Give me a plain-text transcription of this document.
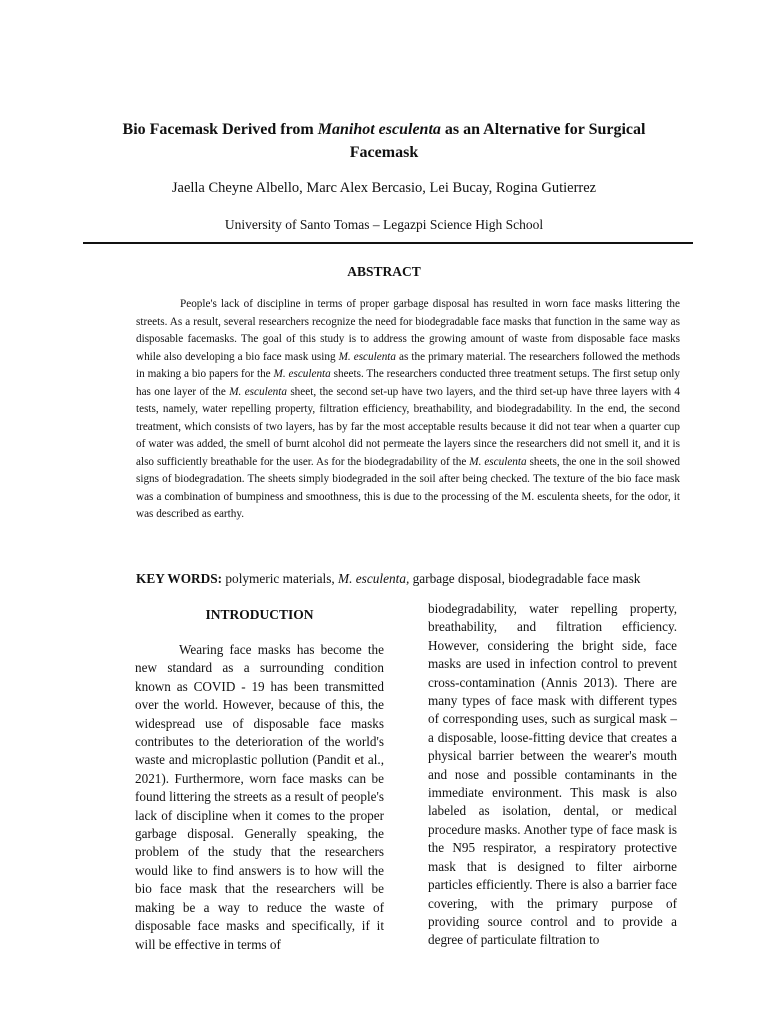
Bio Facemask Derived from Manihot esculenta as an Alternative for Surgical Facemask
Jaella Cheyne Albello, Marc Alex Bercasio, Lei Bucay, Rogina Gutierrez
University of Santo Tomas – Legazpi Science High School
ABSTRACT

People's lack of discipline in terms of proper garbage disposal has resulted in worn face masks littering the streets. As a result, several researchers recognize the need for biodegradable face masks that function in the same way as disposable facemasks. The goal of this study is to address the growing amount of waste from disposable face masks while also developing a bio face mask using M. esculenta as the primary material. The researchers followed the methods in making a bio papers for the M. esculenta sheets. The researchers conducted three treatment setups. The first setup only has one layer of the M. esculenta sheet, the second set-up have two layers, and the third set-up have three layers with 4 tests, namely, water repelling property, filtration efficiency, breathability, and biodegradability. In the end, the second treatment, which consists of two layers, has by far the most acceptable results because it did not tear when a quarter cup of water was added, the smell of burnt alcohol did not permeate the layers since the researchers did not smell it, and it is also sufficiently breathable for the user. As for the biodegradability of the M. esculenta sheets, the one in the soil showed signs of biodegradation. The sheets simply biodegraded in the soil after being checked. The texture of the bio face mask was a combination of bumpiness and smoothness, this is due to the processing of the M. esculenta sheets, for the odor, it was described as earthy.

KEY WORDS: polymeric materials, M. esculenta, garbage disposal, biodegradable face mask

INTRODUCTION

Wearing face masks has become the new standard as a surrounding condition known as COVID - 19 has been transmitted over the world. However, because of this, the widespread use of disposable face masks contributes to the deterioration of the world's waste and microplastic pollution (Pandit et al., 2021). Furthermore, worn face masks can be found littering the streets as a result of people's lack of discipline when it comes to the proper garbage disposal. Generally speaking, the problem of the study that the researchers would like to find answers is to how will the bio face mask that the researchers will be making be a way to reduce the waste of disposable face masks and specifically, if it will be effective in terms of

biodegradability, water repelling property, breathability, and filtration efficiency. However, considering the bright side, face masks are used in infection control to prevent cross-contamination (Annis 2013). There are many types of face mask with different types of corresponding uses, such as surgical mask – a disposable, loose-fitting device that creates a physical barrier between the wearer's mouth and nose and possible contaminants in the immediate environment. This mask is also labeled as isolation, dental, or medical procedure masks. Another type of face mask is the N95 respirator, a respiratory protective mask that is designed to filter airborne particles efficiently. There is also a barrier face covering, with the primary purpose of providing source control and to provide a degree of particulate filtration to
